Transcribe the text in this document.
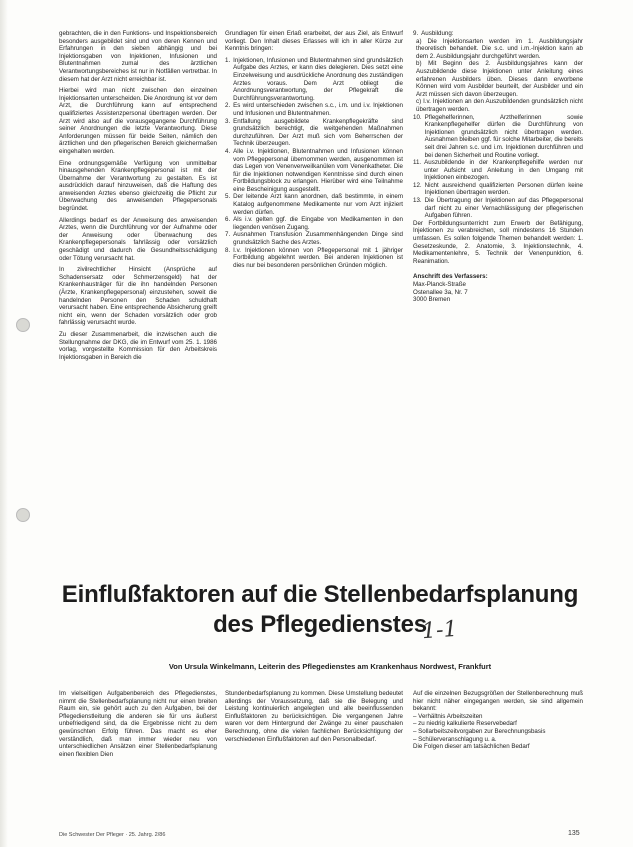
gebrachten, die in den Funktions- und Inspektionsbereich besonders ausgebildet sind und von deren Kennen und Erfahrungen in den sieben abhängig und bei Injektionsgaben von Injektionen, Infusionen und Blutentnahmen zumal des ärztlichen Verantwortungsbereiches ist nur in Notfällen vertretbar. In diesem hat der Arzt nicht erreichbar ist.

Hierbei wird man nicht zwischen den einzelnen Injektionsarten unterscheiden. Die Anordnung ist vor dem Arzt, die Durchführung kann auf entsprechend qualifiziertes Assistenzpersonal übertragen werden. Der Arzt wird also auf die vorausgegangene Durchführung seiner Anordnungen die letzte Verantwortung. Diese Anforderungen müssen für beide Seiten, nämlich den ärztlichen und den pflegerischen Bereich gleichermaßen eingehalten werden.

Eine ordnungsgemäße Verfügung von unmittelbar hinausgehenden Krankenpflegepersonal ist mit der Übernahme der Verantwortung zu gestalten. Es ist ausdrücklich darauf hinzuweisen, daß die Haftung des anweisenden Arztes ebenso gleichzeitig die Pflicht zur Überwachung des anweisenden Pflegepersonals begründet.

Allerdings bedarf es der Anweisung des anweisenden Arztes, wenn die Durchführung vor der Aufnahme oder der Anweisung oder Überwachung des Krankenpflegepersonals fahrlässig oder vorsätzlich geschädigt und dadurch die Gesundheitsschädigung oder Tötung verursacht hat.

In zivilrechtlicher Hinsicht (Ansprüche auf Schadensersatz oder Schmerzensgeld) hat der Krankenhausträger für die ihn handelnden Personen (Ärzte, Krankenpflegepersonal) einzustehen, soweit die handelnden Personen den Schaden schuldhaft verursacht haben. Eine entsprechende Absicherung greift nicht ein, wenn der Schaden vorsätzlich oder grob fahrlässig verursacht wurde.

Zu dieser Zusammenarbeit, die inzwischen auch die Stellungnahme der DKG, die im Entwurf vom 25. 1. 1986 vorlag, vorgestellte Kommission für den Arbeitskreis Injektionsgaben in Bereich die

Grundlagen für einen Erlaß erarbeitet, der aus Ziel, als Entwurf vorliegt. Den Inhalt dieses Erlasses will ich in aller Kürze zur Kenntnis bringen:

1. Injektionen, Infusionen und Blutentnahmen sind grundsätzlich Aufgabe des Arztes, er kann dies delegieren. Dies setzt eine Einzelweisung und ausdrückliche Anordnung des zuständigen Arztes voraus. Dem Arzt obliegt die Anordnungsverantwortung, der Pflegekraft die Durchführungsverantwortung.
2. Es wird unterschieden zwischen s.c., i.m. und i.v. Injektionen und Infusionen und Blutentnahmen.
3. Entfallung ausgebildete Krankenpflegekräfte sind grundsätzlich berechtigt, die weitgehenden Maßnahmen durchzuführen. Der Arzt muß sich vom Beherrschen der Technik überzeugen.
4. Alle i.v. Injektionen, Blutentnahmen und Infusionen können vom Pflegepersonal übernommen werden, ausgenommen ist das Legen von Venenverweilkanülen vom Venenkatheter. Die für die Injektionen notwendigen Kenntnisse sind durch einen Fortbildungsblock zu erlangen. Hierüber wird eine Teilnahme eine Bescheinigung ausgestellt.
5. Der leitende Arzt kann anordnen, daß bestimmte, in einem Katalog aufgenommene Medikamente nur vom Arzt injiziert werden dürfen.
6. Als i.v. gelten ggf. die Eingabe von Medikamenten in den liegenden venösen Zugang.
7. Ausnahmen Transfusion Zusammenhängenden Dinge sind grundsätzlich Sache des Arztes.
8. I.v. Injektionen können von Pflegepersonal mit 1 jähriger Fortbildung abgelehnt werden. Bei anderen Injektionen ist dies nur bei besonderen persönlichen Gründen möglich.
9. Ausbildung:
a) Die Injektionsarten werden im 1. Ausbildungsjahr theoretisch behandelt. Die s.c. und i.m.-Injektion kann ab dem 2. Ausbildungsjahr durchgeführt werden.
b) Mit Beginn des 2. Ausbildungsjahres kann der Auszubildende diese Injektionen unter Anleitung eines erfahrenen Ausbilders üben. Dieses dann erworbene Können wird vom Ausbilder beurteilt, der Ausbilder und ein Arzt müssen sich davon überzeugen.
c) I.v. Injektionen an den Auszubildenden grundsätzlich nicht übertragen werden.
10. Pflegehelferinnen, Arzthelferinnen sowie Krankenpflegehelfer dürfen die Durchführung von Injektionen grundsätzlich nicht übertragen werden. Ausnahmen bleiben ggf. für solche Mitarbeiter, die bereits seit drei Jahren s.c. und i.m. Injektionen durchführen und bei denen Sicherheit und Routine vorliegt.
11. Auszubildende in der Krankenpflegehilfe werden nur unter Aufsicht und Anleitung in den Umgang mit Injektionen einbezogen.
12. Nicht ausreichend qualifizierten Personen dürfen keine Injektionen übertragen werden.
13. Die Übertragung der Injektionen auf das Pflegepersonal darf nicht zu einer Vernachlässigung der pflegerischen Aufgaben führen.

Der Fortbildungsunterricht zum Erwerb der Befähigung, Injektionen zu verabreichen, soll mindestens 16 Stunden umfassen. Es sollen folgende Themen behandelt werden: 1. Gesetzeskunde, 2. Anatomie, 3. Injektionstechnik, 4. Medikamentenlehre, 5. Technik der Venenpunktion, 6. Reanimation.

Anschrift des Verfassers:

Max-Planck-Straße

Ostenallee 3a, Nr. 7

3000 Bremen

Einflußfaktoren auf die Stellenbedarfsplanung
des Pflegedienstes
1-1
Von Ursula Winkelmann, Leiterin des Pflegedienstes am Krankenhaus Nordwest, Frankfurt

Im vielseitigen Aufgabenbereich des Pflegedienstes, nimmt die Stellenbedarfsplanung nicht nur einen breiten Raum ein, sie gehört auch zu den Aufgaben, bei der Pflegedienstleitung die anderen sie für uns äußerst unbefriedigend sind, da die Ergebnisse nicht zu dem gewünschten Erfolg führen. Das macht es eher verständlich, daß man immer wieder neu von unterschiedlichen Ansätzen einer Stellenbedarfsplanung einen flexiblen Dien

Stundenbedarfsplanung zu kommen. Diese Umstellung bedeutet allerdings der Voraussetzung, daß sie die Belegung und Leistung kontinuierlich angelegten und alle beeinflussenden Einflußfaktoren zu berücksichtigen. Die vergangenen Jahre waren vor dem Hintergrund der Zwänge zu einer pauschalen Berechnung, ohne die vielen fachlichen Berücksichtigung der verschiedenen Einflußfaktoren auf den Personalbedarf.

Auf die einzelnen Bezugsgrößen der Stellenberechnung muß hier nicht näher eingegangen werden, sie sind allgemein bekannt:

– Verhältnis Arbeitszeiten

– zu niedrig kalkulierte Reservebedarf

– Sollarbeitszeitvorgaben zur Berechnungsbasis

– Schülerveranschlagung u. a.

Die Folgen dieser am tatsächlichen Bedarf

Die Schwester Der Pfleger · 25. Jahrg. 2/86	135
